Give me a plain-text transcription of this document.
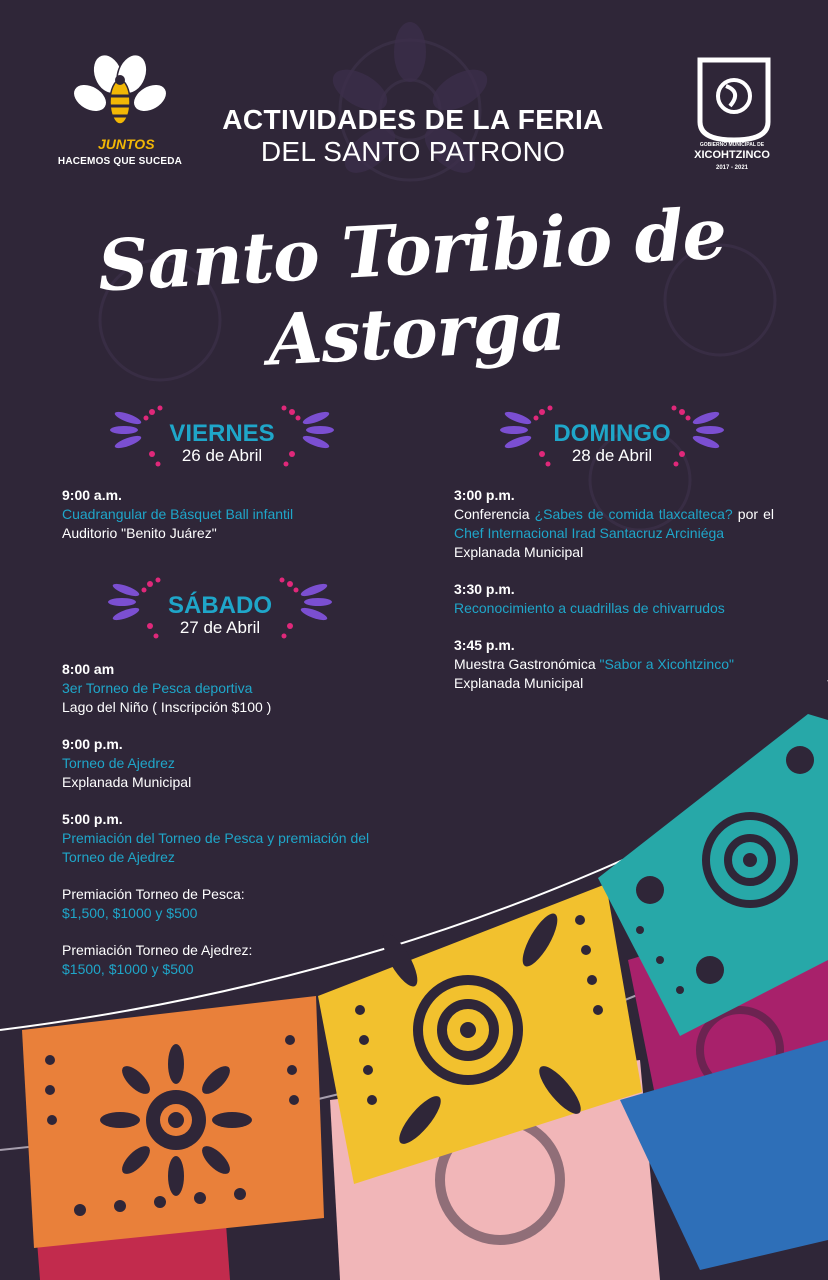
JUNTOS
HACEMOS QUE SUCEDA
ACTIVIDADES DE LA FERIA
DEL SANTO PATRONO	GOBIERNO MUNICIPAL DE
XICOHTZINCO
2017 - 2021
Santo Toribio de Astorga
VIERNES
26 de Abril
9:00 a.m.
Cuadrangular de Básquet Ball infantil
Auditorio "Benito Juárez"
SÁBADO
27 de Abril
8:00 am
3er Torneo de Pesca deportiva
Lago del Niño ( Inscripción $100 )
9:00 p.m.
Torneo de Ajedrez
Explanada Municipal
5:00 p.m.
Premiación del Torneo de Pesca y premiación del
Torneo de Ajedrez
Premiación Torneo de Pesca:
$1,500, $1000 y $500
Premiación Torneo de Ajedrez:
$1500, $1000 y $500
DOMINGO
28 de Abril
3:00 p.m.
Conferencia ¿Sabes de comida tlaxcalteca? por el Chef Internacional Irad Santacruz Arciniéga
Explanada Municipal
3:30 p.m.
Reconocimiento a cuadrillas de chivarrudos
3:45 p.m.
Muestra Gastronómica "Sabor a Xicohtzinco"
Explanada Municipal
